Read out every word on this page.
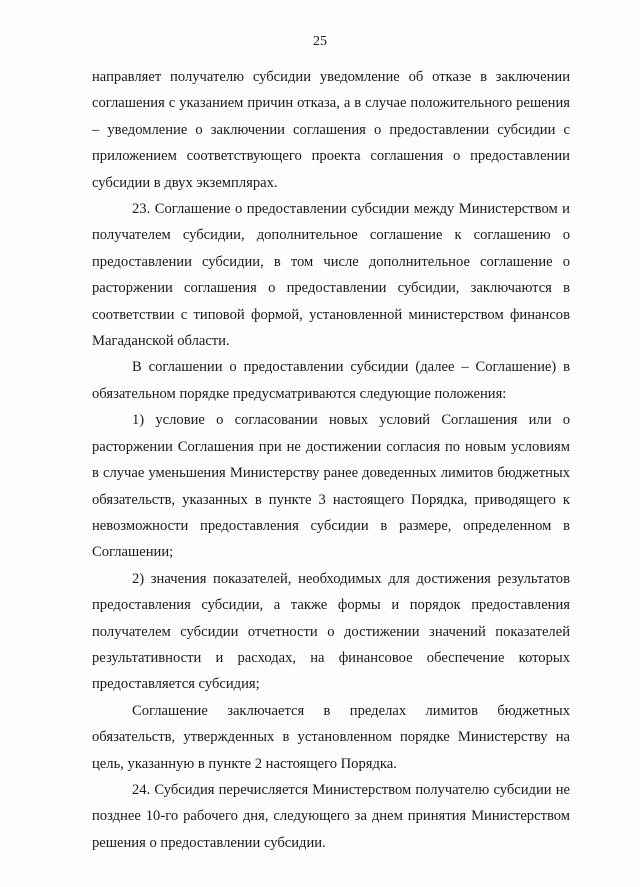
25

направляет получателю субсидии уведомление об отказе в заключении соглашения с указанием причин отказа, а в случае положительного решения – уведомление о заключении соглашения о предоставлении субсидии с приложением соответствующего проекта соглашения о предоставлении субсидии в двух экземплярах.

23. Соглашение о предоставлении субсидии между Министерством и получателем субсидии, дополнительное соглашение к соглашению о предоставлении субсидии, в том числе дополнительное соглашение о расторжении соглашения о предоставлении субсидии, заключаются в соответствии с типовой формой, установленной министерством финансов Магаданской области.

В соглашении о предоставлении субсидии (далее – Соглашение) в обязательном порядке предусматриваются следующие положения:

1) условие о согласовании новых условий Соглашения или о расторжении Соглашения при не достижении согласия по новым условиям в случае уменьшения Министерству ранее доведенных лимитов бюджетных обязательств, указанных в пункте 3 настоящего Порядка, приводящего к невозможности предоставления субсидии в размере, определенном в Соглашении;

2) значения показателей, необходимых для достижения результатов предоставления субсидии, а также формы и порядок предоставления получателем субсидии отчетности о достижении значений показателей результативности и расходах, на финансовое обеспечение которых предоставляется субсидия;

Соглашение заключается в пределах лимитов бюджетных обязательств, утвержденных в установленном порядке Министерству на цель, указанную в пункте 2 настоящего Порядка.

24. Субсидия перечисляется Министерством получателю субсидии не позднее 10-го рабочего дня, следующего за днем принятия Министерством решения о предоставлении субсидии.
